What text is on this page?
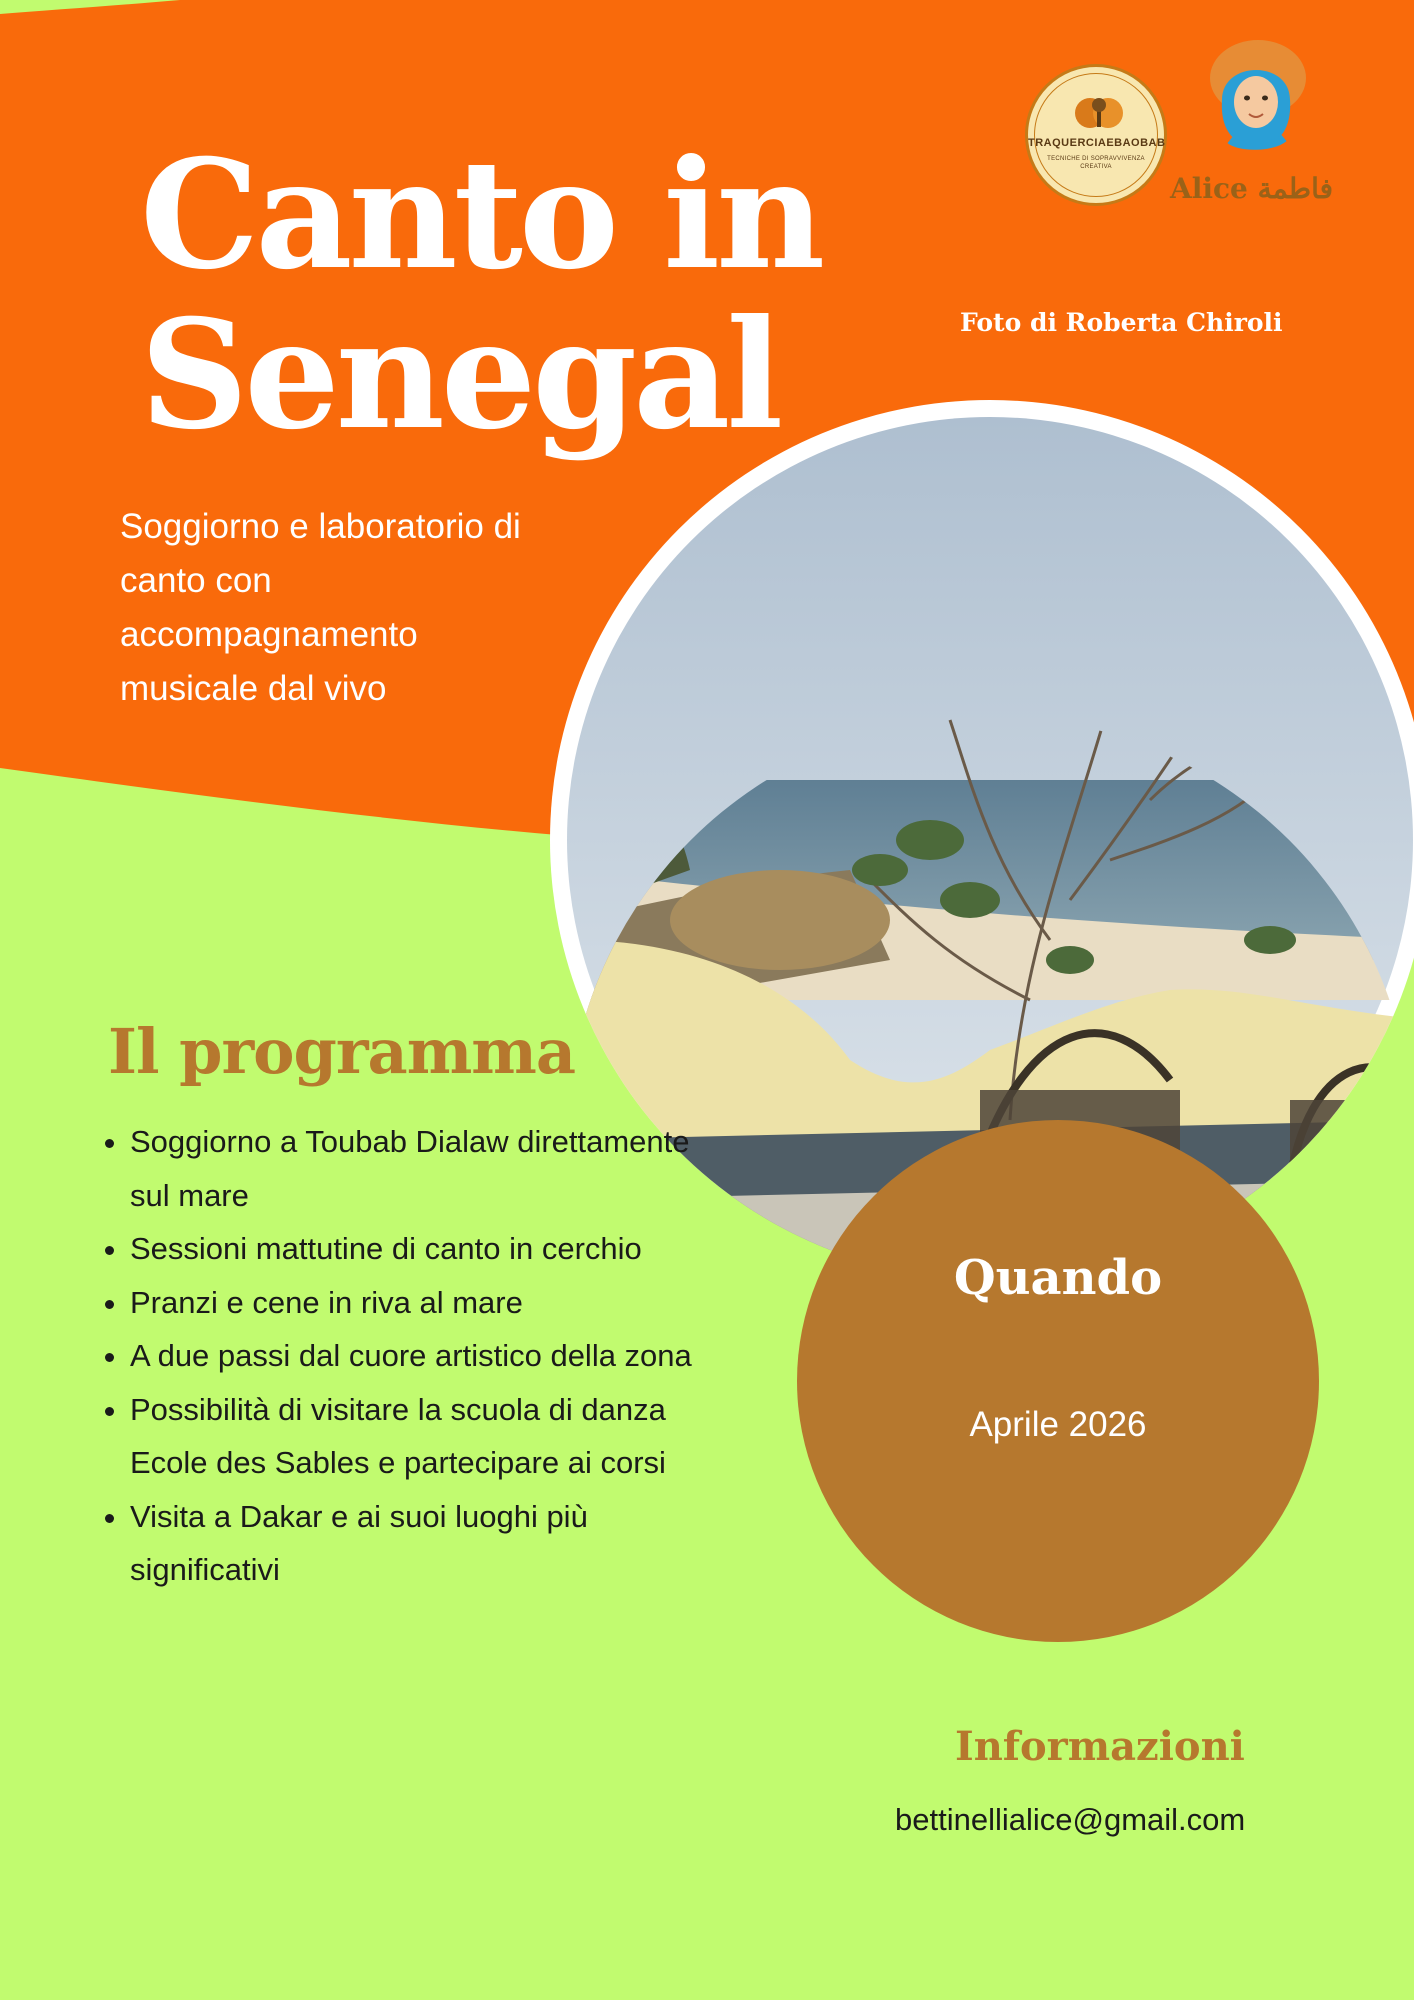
Canto in
Senegal

Soggiorno e laboratorio di canto con accompagnamento musicale dal vivo

Foto di Roberta Chiroli
TRAQUERCIAEBAOBAB
TECNICHE DI SOPRAVVIVENZA CREATIVA
Alice فاطمة
Quando
Aprile 2026
Il programma
• Soggiorno a Toubab Dialaw direttamente sul mare
• Sessioni mattutine di canto in cerchio
• Pranzi e cene in riva al mare
• A due passi dal cuore artistico della zona
• Possibilità di visitare la scuola di danza Ecole des Sables e partecipare ai corsi
• Visita a Dakar e ai suoi luoghi più significativi
Informazioni
bettinellialice@gmail.com
